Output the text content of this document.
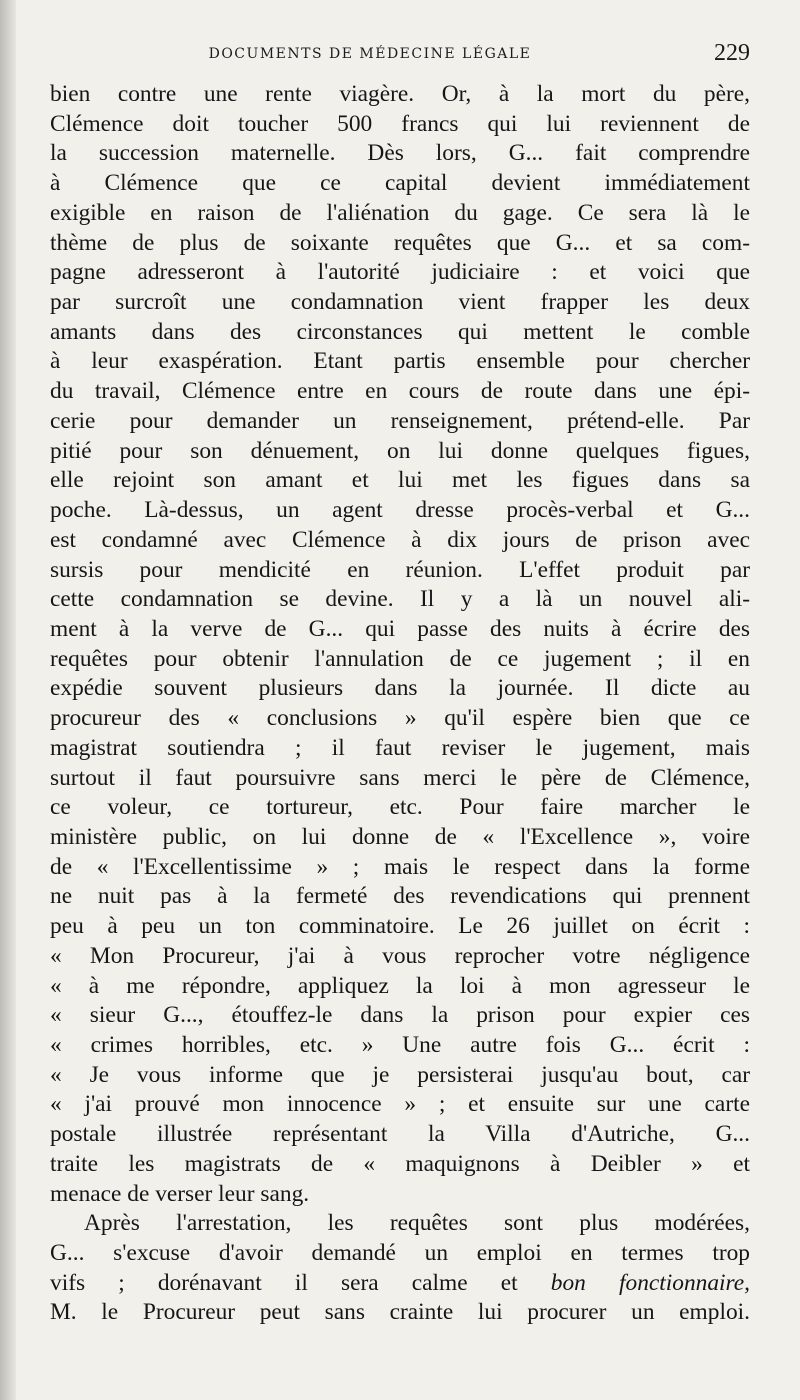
DOCUMENTS DE MÉDECINE LÉGALE	229
bien contre une rente viagère. Or, à la mort du père,
Clémence doit toucher 500 francs qui lui reviennent de
la succession maternelle. Dès lors, G... fait comprendre
à Clémence que ce capital devient immédiatement
exigible en raison de l'aliénation du gage. Ce sera là le
thème de plus de soixante requêtes que G... et sa com-
pagne adresseront à l'autorité judiciaire : et voici que
par surcroît une condamnation vient frapper les deux
amants dans des circonstances qui mettent le comble
à leur exaspération. Etant partis ensemble pour chercher
du travail, Clémence entre en cours de route dans une épi-
cerie pour demander un renseignement, prétend-elle. Par
pitié pour son dénuement, on lui donne quelques figues,
elle rejoint son amant et lui met les figues dans sa
poche. Là-dessus, un agent dresse procès-verbal et G...
est condamné avec Clémence à dix jours de prison avec
sursis pour mendicité en réunion. L'effet produit par
cette condamnation se devine. Il y a là un nouvel ali-
ment à la verve de G... qui passe des nuits à écrire des
requêtes pour obtenir l'annulation de ce jugement ; il en
expédie souvent plusieurs dans la journée. Il dicte au
procureur des « conclusions » qu'il espère bien que ce
magistrat soutiendra ; il faut reviser le jugement, mais
surtout il faut poursuivre sans merci le père de Clémence,
ce voleur, ce tortureur, etc. Pour faire marcher le
ministère public, on lui donne de « l'Excellence », voire
de « l'Excellentissime » ; mais le respect dans la forme
ne nuit pas à la fermeté des revendications qui prennent
peu à peu un ton comminatoire. Le 26 juillet on écrit :
« Mon Procureur, j'ai à vous reprocher votre négligence
« à me répondre, appliquez la loi à mon agresseur le
« sieur G..., étouffez-le dans la prison pour expier ces
« crimes horribles, etc. » Une autre fois G... écrit :
« Je vous informe que je persisterai jusqu'au bout, car
« j'ai prouvé mon innocence » ; et ensuite sur une carte
postale illustrée représentant la Villa d'Autriche, G...
traite les magistrats de « maquignons à Deibler » et
menace de verser leur sang.
Après l'arrestation, les requêtes sont plus modérées,
G... s'excuse d'avoir demandé un emploi en termes trop
vifs ; dorénavant il sera calme et bon fonctionnaire,
M. le Procureur peut sans crainte lui procurer un emploi.
